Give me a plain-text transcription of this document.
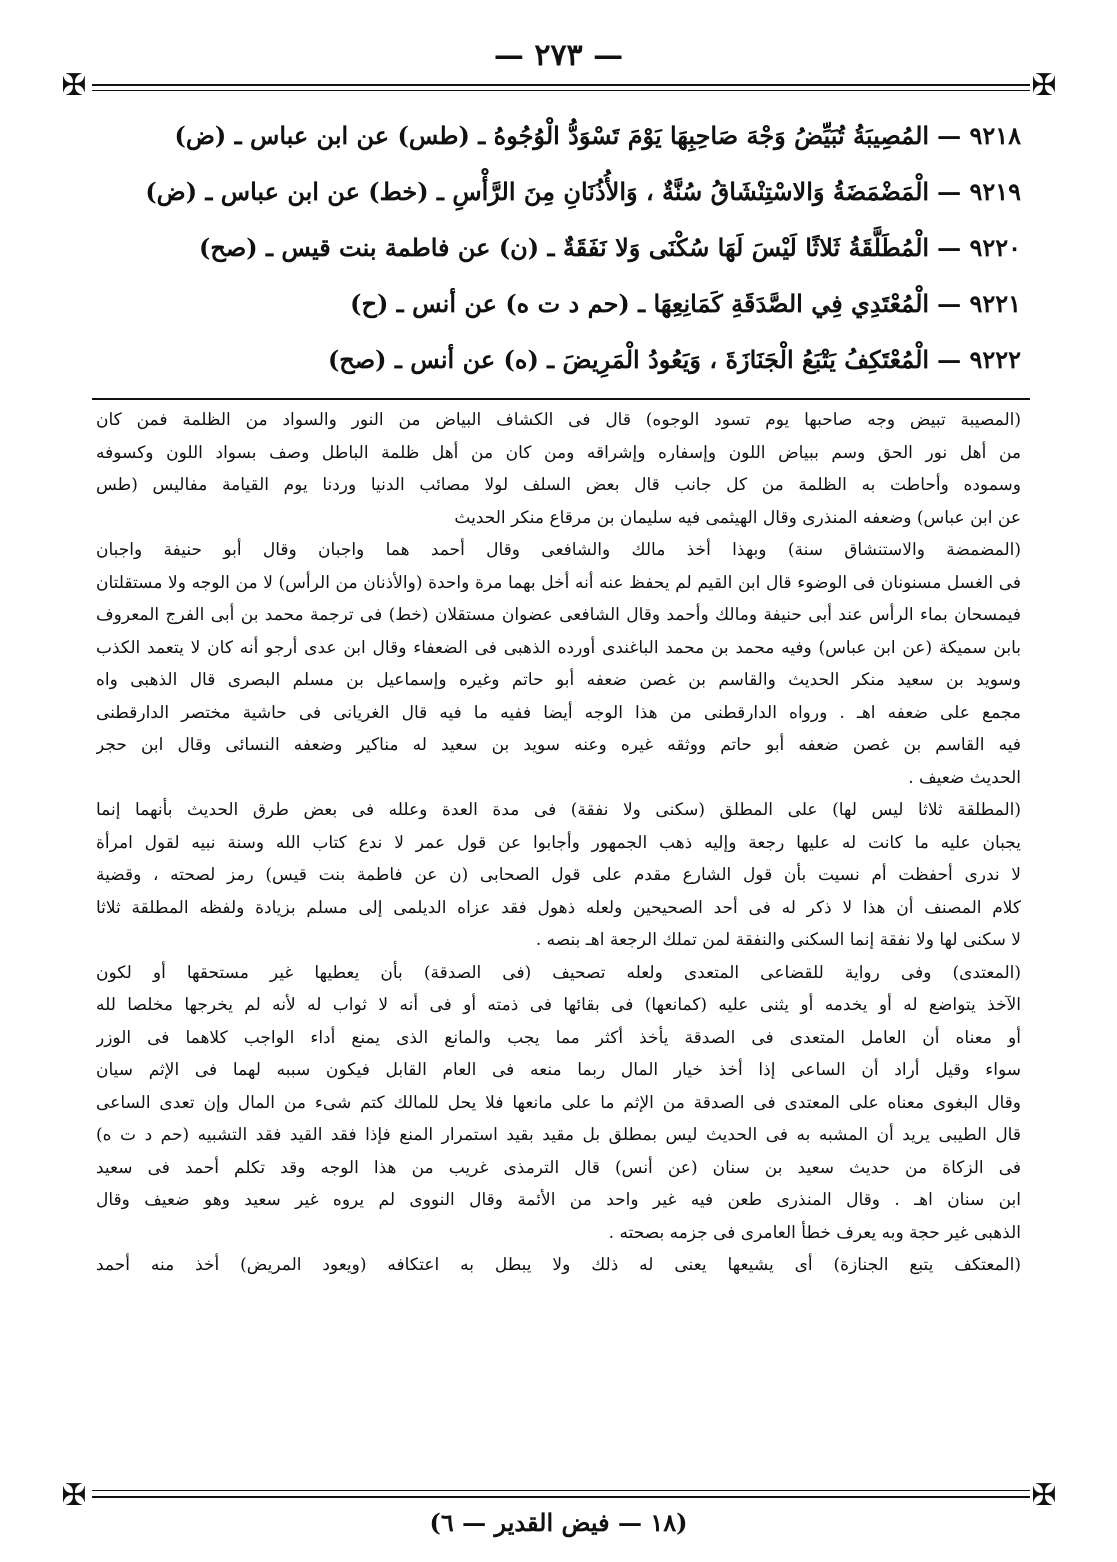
— ٢٧٣ —
✠	✠
✠	✠
٩٢١٨ —المُصِيبَةُ تُبَيِّضُ وَجْهَ صَاحِبِهَا يَوْمَ تَسْوَدُّ الْوُجُوهُ ـ (طس) عن ابن عباس ـ (ض)
٩٢١٩ —الْمَضْمَضَةُ وَالاسْتِنْشَاقُ سُنَّةٌ ، وَالأُذُنَانِ مِنَ الرَّأْسِ ـ (خط) عن ابن عباس ـ (ض)
٩٢٢٠ —الْمُطَلَّقَةُ ثَلاثًا لَيْسَ لَهَا سُكْنَى وَلا نَفَقَةٌ ـ (ن) عن فاطمة بنت قيس ـ (صح)
٩٢٢١ —الْمُعْتَدِي فِي الصَّدَقَةِ كَمَانِعِهَا ـ (حم د ت ه) عن أنس ـ (ح)
٩٢٢٢ —الْمُعْتَكِفُ يَتْبَعُ الْجَنَازَةَ ، وَيَعُودُ الْمَرِيضَ ـ (ه) عن أنس ـ (صح)
(المصيبة تبيض وجه صاحبها يوم تسود الوجوه) قال فى الكشاف البياض من النور والسواد من الظلمة فمن كان
من أهل نور الحق وسم ببياض اللون وإسفاره وإشراقه ومن كان من أهل ظلمة الباطل وصف بسواد اللون وكسوفه
وسموده وأحاطت به الظلمة من كل جانب قال بعض السلف لولا مصائب الدنيا وردنا يوم القيامة مفاليس (طس
عن ابن عباس) وضعفه المنذرى وقال الهيثمى فيه سليمان بن مرقاع منكر الحديث
(المضمضة والاستنشاق سنة) وبهذا أخذ مالك والشافعى وقال أحمد هما واجبان وقال أبو حنيفة واجبان
فى الغسل مسنونان فى الوضوء قال ابن القيم لم يحفظ عنه أنه أخل بهما مرة واحدة (والأذنان من الرأس) لا من الوجه ولا مستقلتان
فيمسحان بماء الرأس عند أبى حنيفة ومالك وأحمد وقال الشافعى عضوان مستقلان (خط) فى ترجمة محمد بن أبى الفرج المعروف
بابن سميكة (عن ابن عباس) وفيه محمد بن محمد الباغندى أورده الذهبى فى الضعفاء وقال ابن عدى أرجو أنه كان لا يتعمد الكذب
وسويد بن سعيد منكر الحديث والقاسم بن غصن ضعفه أبو حاتم وغيره وإسماعيل بن مسلم البصرى قال الذهبى واه
مجمع على ضعفه اهـ . ورواه الدارقطنى من هذا الوجه أيضا ففيه ما فيه قال الغريانى فى حاشية مختصر الدارقطنى
فيه القاسم بن غصن ضعفه أبو حاتم ووثقه غيره وعنه سويد بن سعيد له مناكير وضعفه النسائى وقال ابن حجر
الحديث ضعيف .
(المطلقة ثلاثا ليس لها) على المطلق (سكنى ولا نفقة) فى مدة العدة وعلله فى بعض طرق الحديث بأنهما إنما
يجبان عليه ما كانت له عليها رجعة وإليه ذهب الجمهور وأجابوا عن قول عمر لا ندع كتاب الله وسنة نبيه لقول امرأة
لا ندرى أحفظت أم نسيت بأن قول الشارع مقدم على قول الصحابى (ن عن فاطمة بنت قيس) رمز لصحته ، وقضية
كلام المصنف أن هذا لا ذكر له فى أحد الصحيحين ولعله ذهول فقد عزاه الديلمى إلى مسلم بزيادة ولفظه المطلقة ثلاثا
لا سكنى لها ولا نفقة إنما السكنى والنفقة لمن تملك الرجعة اهـ بنصه .
(المعتدى) وفى رواية للقضاعى المتعدى ولعله تصحيف (فى الصدقة) بأن يعطيها غير مستحقها أو لكون
الآخذ يتواضع له أو يخدمه أو يثنى عليه (كمانعها) فى بقائها فى ذمته أو فى أنه لا ثواب له لأنه لم يخرجها مخلصا لله
أو معناه أن العامل المتعدى فى الصدقة يأخذ أكثر مما يجب والمانع الذى يمنع أداء الواجب كلاهما فى الوزر
سواء وقيل أراد أن الساعى إذا أخذ خيار المال ربما منعه فى العام القابل فيكون سببه لهما فى الإثم سيان
وقال البغوى معناه على المعتدى فى الصدقة من الإثم ما على مانعها فلا يحل للمالك كتم شىء من المال وإن تعدى الساعى
قال الطيبى يريد أن المشبه به فى الحديث ليس بمطلق بل مقيد بقيد استمرار المنع فإذا فقد القيد فقد التشبيه (حم د ت ه)
فى الزكاة من حديث سعيد بن سنان (عن أنس) قال الترمذى غريب من هذا الوجه وقد تكلم أحمد فى سعيد
ابن سنان اهـ . وقال المنذرى طعن فيه غير واحد من الأئمة وقال النووى لم يروه غير سعيد وهو ضعيف وقال
الذهبى غير حجة وبه يعرف خطأ العامرى فى جزمه بصحته .
(المعتكف يتبع الجنازة) أى يشيعها يعنى له ذلك ولا يبطل به اعتكافه (ويعود المريض) أخذ منه أحمد
(١٨ — فيض القدير — ٦)
